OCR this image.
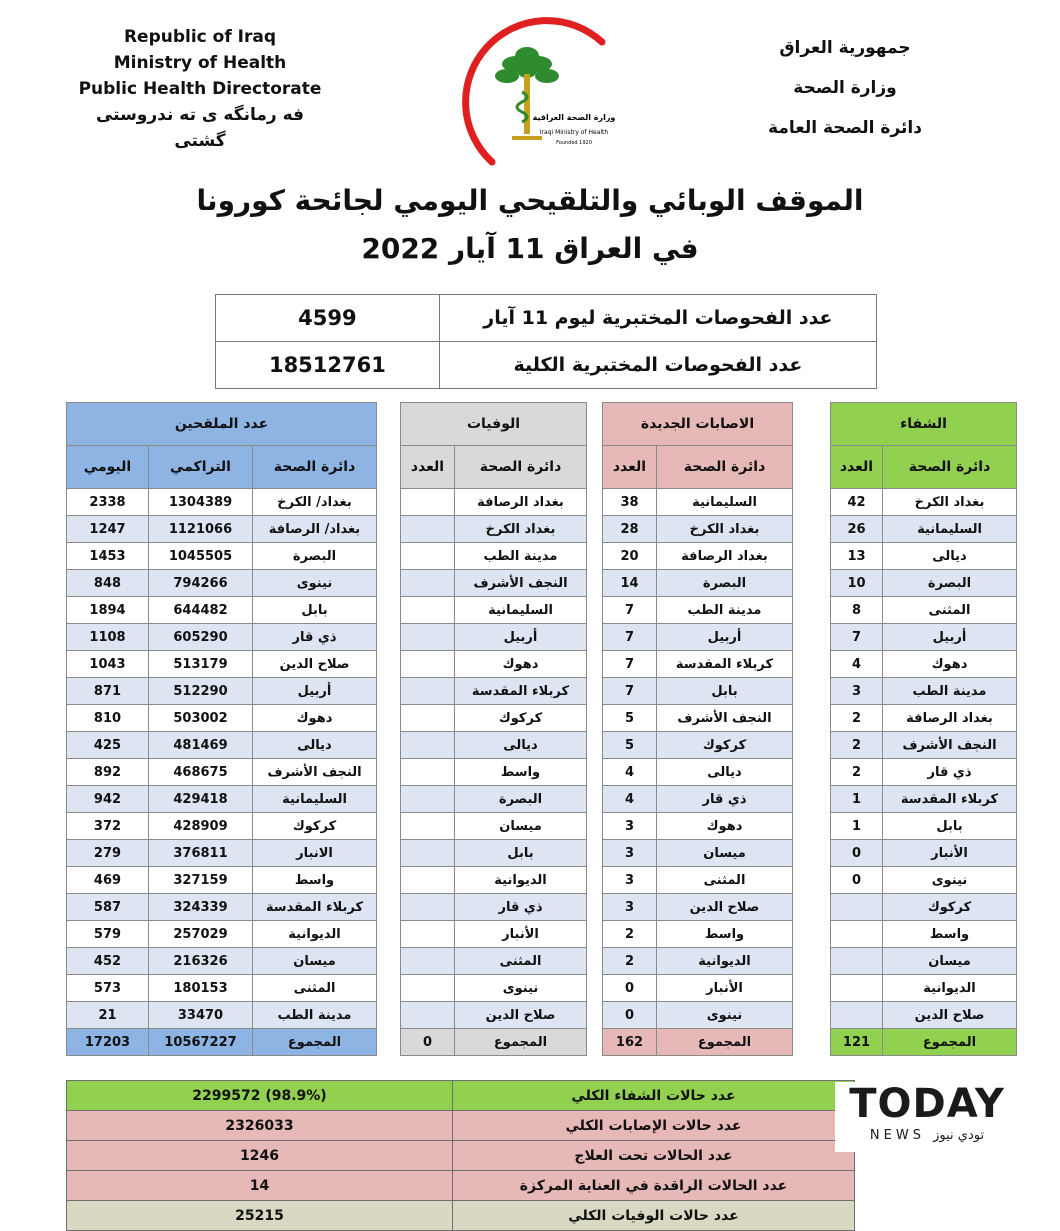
Republic of Iraq
Ministry of Health
Public Health Directorate
فه رمانگه ى ته ندروستى گشتى
وزارة الصحة العراقية
Iraqi Ministry of Health
Founded 1920
جمهورية العراق
وزارة الصحة
دائرة الصحة العامة
الموقف الوبائي والتلقيحي اليومي لجائحة كورونا
في العراق 11 آيار 2022
4599	عدد الفحوصات المختبرية ليوم 11 آيار
18512761	عدد الفحوصات المختبرية الكلية
عدد الملقحين		
اليومي	التراكمي	دائرة الصحة
2338	1304389	بغداد/ الكرخ
1247	1121066	بغداد/ الرصافة
1453	1045505	البصرة
848	794266	نينوى
1894	644482	بابل
1108	605290	ذي قار
1043	513179	صلاح الدين
871	512290	أربيل
810	503002	دهوك
425	481469	ديالى
892	468675	النجف الأشرف
942	429418	السليمانية
372	428909	كركوك
279	376811	الانبار
469	327159	واسط
587	324339	كربلاء المقدسة
579	257029	الديوانية
452	216326	ميسان
573	180153	المثنى
21	33470	مدينة الطب
17203	10567227	المجموع
الوفيات	
العدد	دائرة الصحة
	بغداد الرصافة
	بغداد الكرخ
	مدينة الطب
	النجف الأشرف
	السليمانية
	أربيل
	دهوك
	كربلاء المقدسة
	كركوك
	ديالى
	واسط
	البصرة
	ميسان
	بابل
	الديوانية
	ذي قار
	الأنبار
	المثنى
	نينوى
	صلاح الدين
0	المجموع
الاصابات الجديدة	
العدد	دائرة الصحة
38	السليمانية
28	بغداد الكرخ
20	بغداد الرصافة
14	البصرة
7	مدينة الطب
7	أربيل
7	كربلاء المقدسة
7	بابل
5	النجف الأشرف
5	كركوك
4	ديالى
4	ذي قار
3	دهوك
3	ميسان
3	المثنى
3	صلاح الدين
2	واسط
2	الديوانية
0	الأنبار
0	نينوى
162	المجموع
الشفاء	
العدد	دائرة الصحة
42	بغداد الكرخ
26	السليمانية
13	ديالى
10	البصرة
8	المثنى
7	أربيل
4	دهوك
3	مدينة الطب
2	بغداد الرصافة
2	النجف الأشرف
2	ذي قار
1	كربلاء المقدسة
1	بابل
0	الأنبار
0	نينوى
	كركوك
	واسط
	ميسان
	الديوانية
	صلاح الدين
121	المجموع
2299572 (98.9%)	عدد حالات الشفاء الكلي
2326033	عدد حالات الإصابات الكلي
1246	عدد الحالات تحت العلاج
14	عدد الحالات الراقدة في العناية المركزة
25215	عدد حالات الوفيات الكلي
TODAY
NEWS تودي نيوز
